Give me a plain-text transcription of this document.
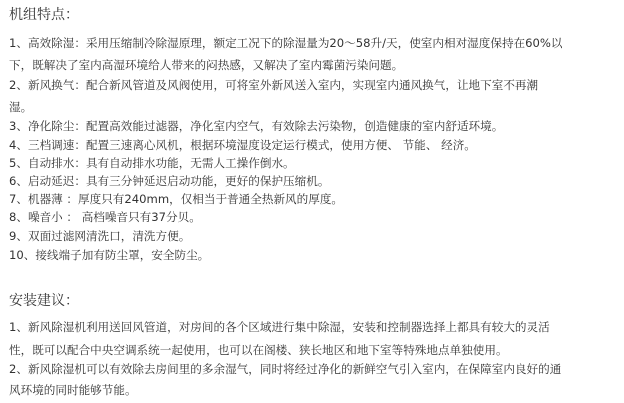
机组特点：
1、高效除湿：采用压缩制冷除湿原理，额定工况下的除湿量为20～58升/天，使室内相对湿度保持在60%以
下，既解决了室内高湿环境给人带来的闷热感，又解决了室内霉菌污染问题。
2、新风换气：配合新风管道及风阀使用，可将室外新风送入室内，实现室内通风换气，让地下室不再潮
湿。
3、净化除尘：配置高效能过滤器，净化室内空气，有效除去污染物，创造健康的室内舒适环境。
4、三档调速：配置三速离心风机，根据环境湿度设定运行模式，使用方便、 节能、 经济。
5、自动排水：具有自动排水功能，无需人工操作倒水。
6、启动延迟：具有三分钟延迟启动功能，更好的保护压缩机。
7、机器薄 ：厚度只有240mm，仅相当于普通全热新风的厚度。
8、噪音小 ： 高档噪音只有37分贝。
9、双面过滤网清洗口，清洗方便。
10、接线端子加有防尘罩，安全防尘。
安装建议：
1、新风除湿机利用送回风管道，对房间的各个区域进行集中除湿，安装和控制器选择上都具有较大的灵活
性，既可以配合中央空调系统一起使用，也可以在阁楼、狭长地区和地下室等特殊地点单独使用。
2、新风除湿机可以有效除去房间里的多余湿气，同时将经过净化的新鲜空气引入室内，在保障室内良好的通
风环境的同时能够节能。
